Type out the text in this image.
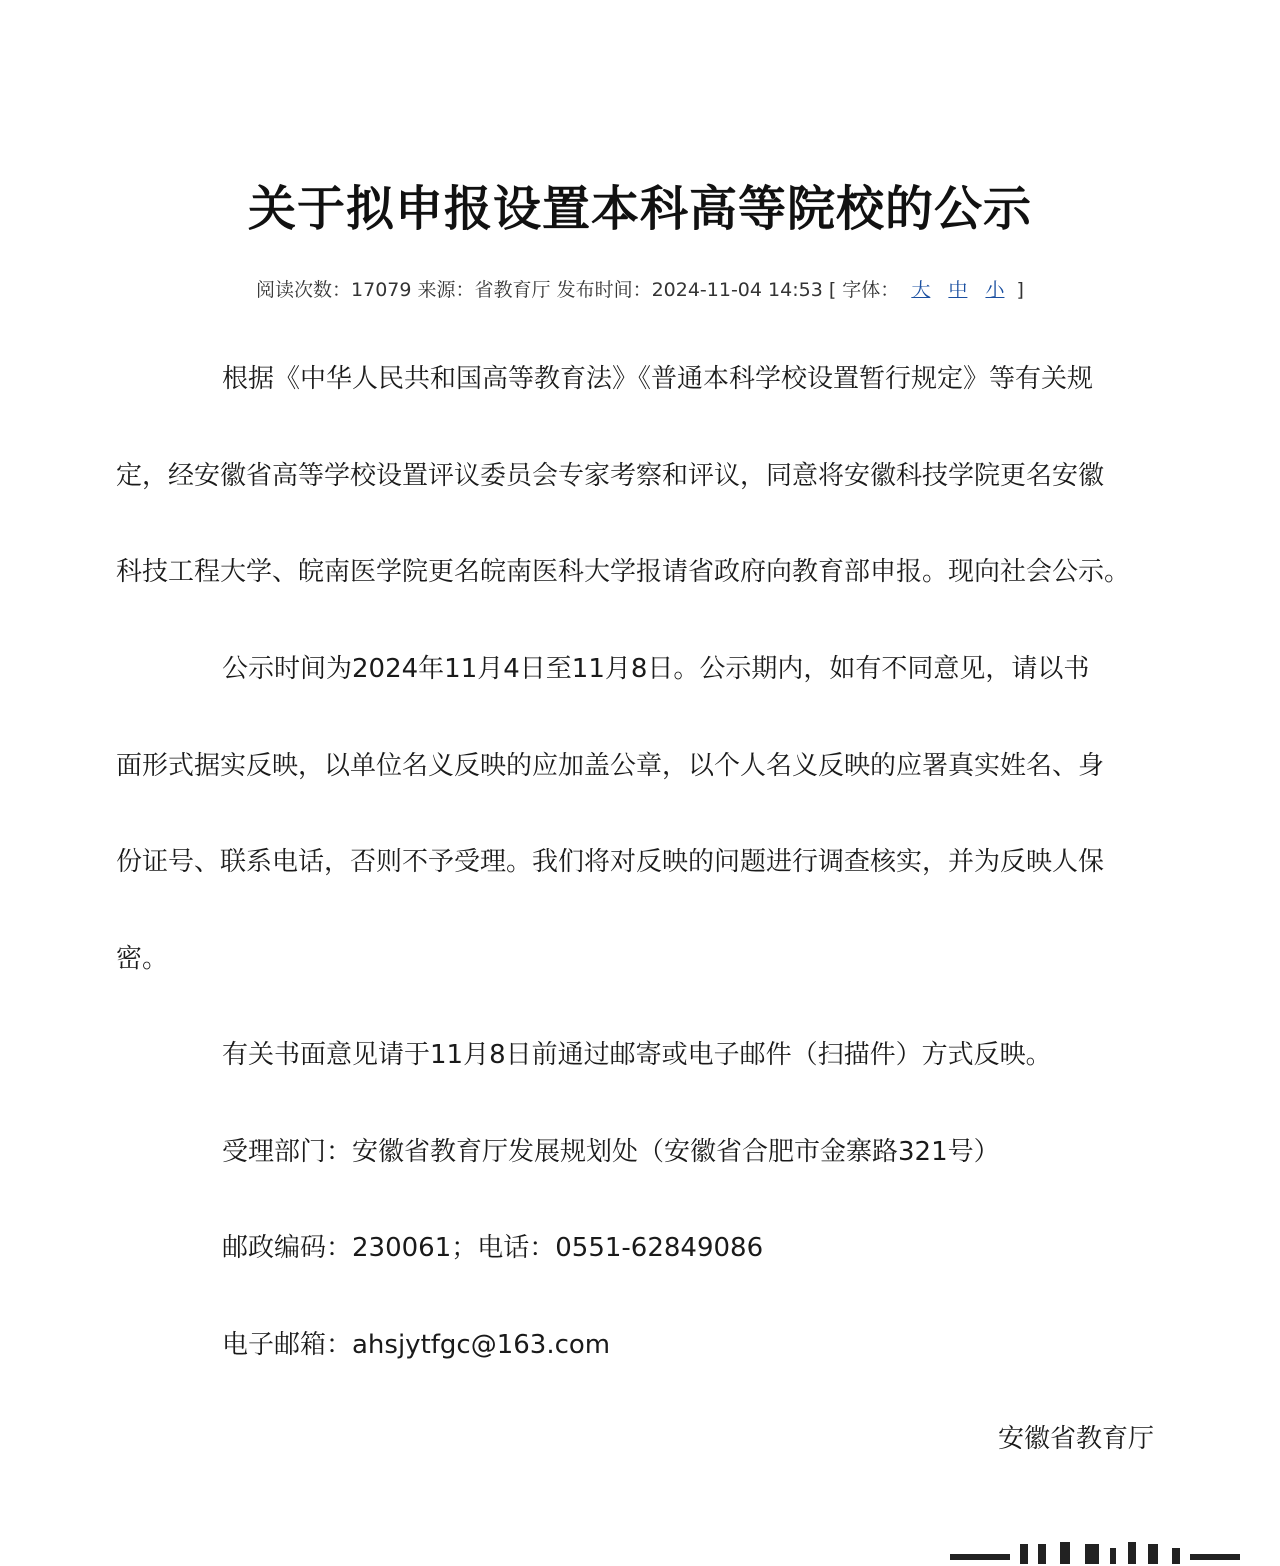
关于拟申报设置本科高等院校的公示
阅读次数：17079 来源：省教育厅 发布时间：2024-11-04 14:53 [ 字体： 大 中 小 ]
根据《中华人民共和国高等教育法》《普通本科学校设置暂行规定》等有关规
定，经安徽省高等学校设置评议委员会专家考察和评议，同意将安徽科技学院更名安徽
科技工程大学、皖南医学院更名皖南医科大学报请省政府向教育部申报。现向社会公示。
公示时间为2024年11月4日至11月8日。公示期内，如有不同意见，请以书
面形式据实反映，以单位名义反映的应加盖公章，以个人名义反映的应署真实姓名、身
份证号、联系电话，否则不予受理。我们将对反映的问题进行调查核实，并为反映人保
密。
有关书面意见请于11月8日前通过邮寄或电子邮件（扫描件）方式反映。
受理部门：安徽省教育厅发展规划处（安徽省合肥市金寨路321号）
邮政编码：230061；电话：0551-62849086
电子邮箱：ahsjytfgc@163.com
安徽省教育厅
